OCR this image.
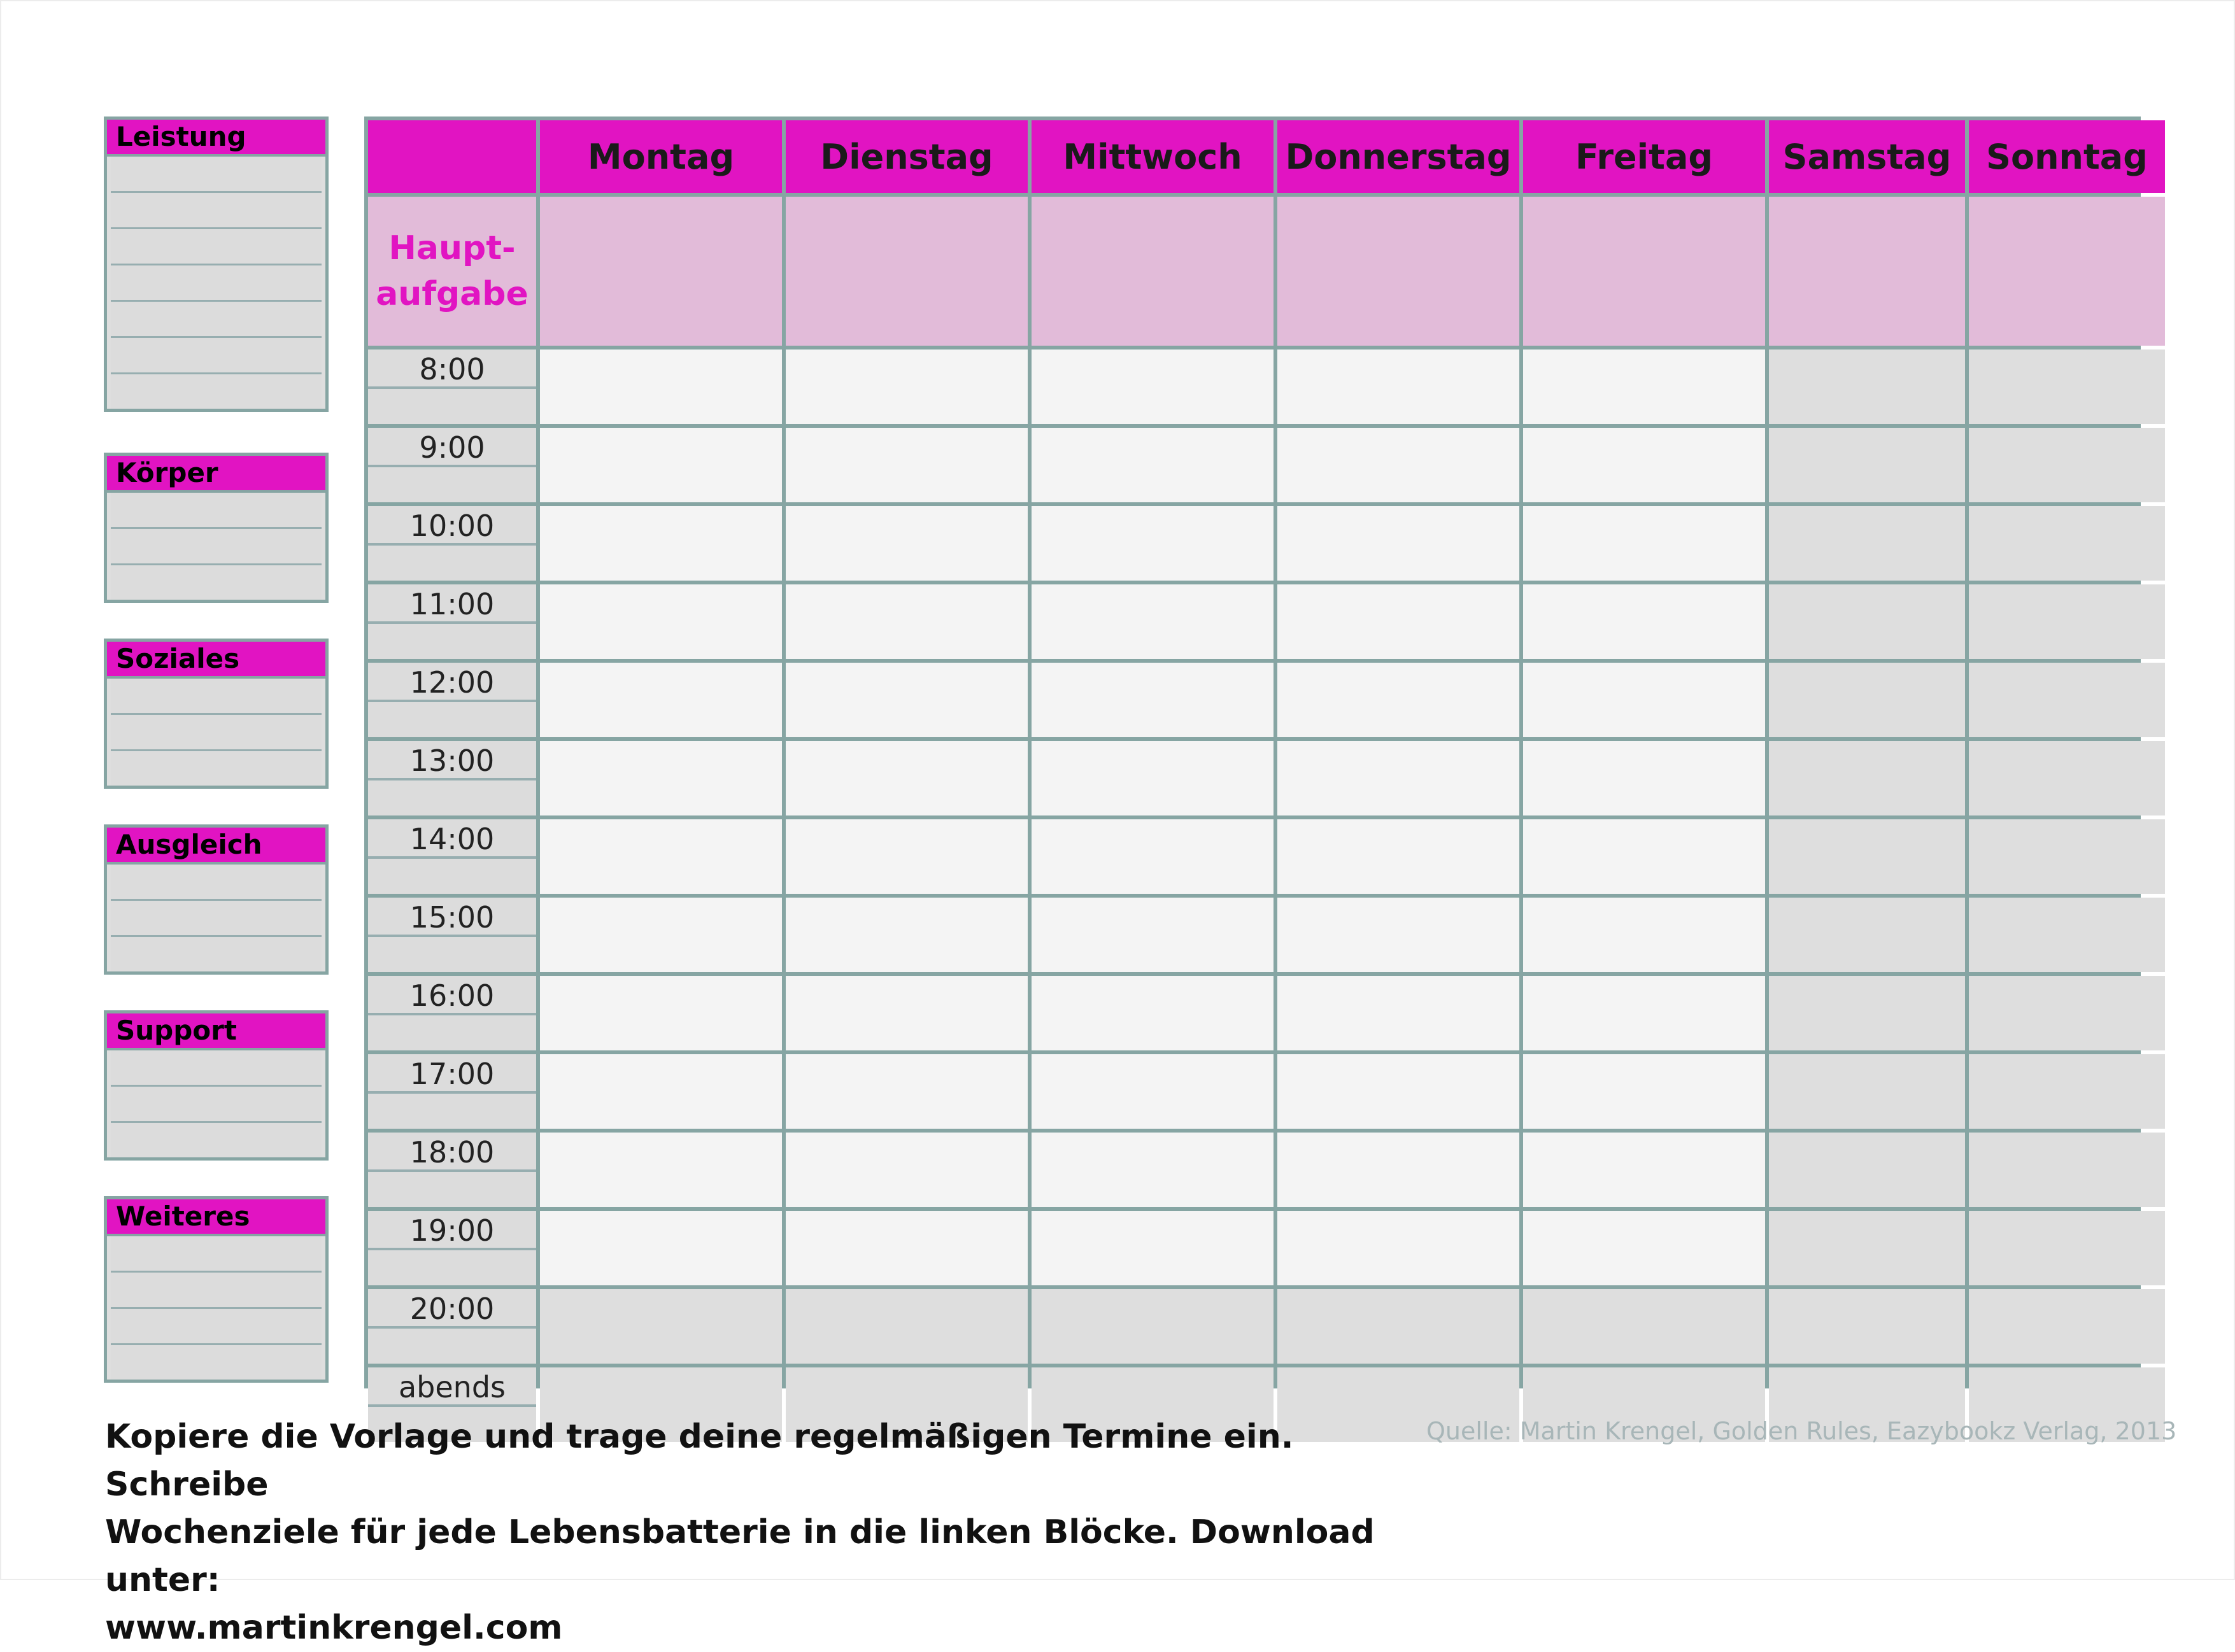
Leistung
Körper
Soziales
Ausgleich
Support
Weiteres
Montag	Dienstag	Mittwoch	Donnerstag	Freitag	Samstag	Sonntag
Haupt-
aufgabe
8:00
9:00
10:00
11:00
12:00
13:00
14:00
15:00
16:00
17:00
18:00
19:00
20:00
abends
Kopiere die Vorlage und trage deine regelmäßigen Termine ein. Schreibe
Wochenziele für jede Lebensbatterie in die linken Blöcke. Download unter:
www.martinkrengel.com
Quelle: Martin Krengel, Golden Rules, Eazybookz Verlag, 2013
